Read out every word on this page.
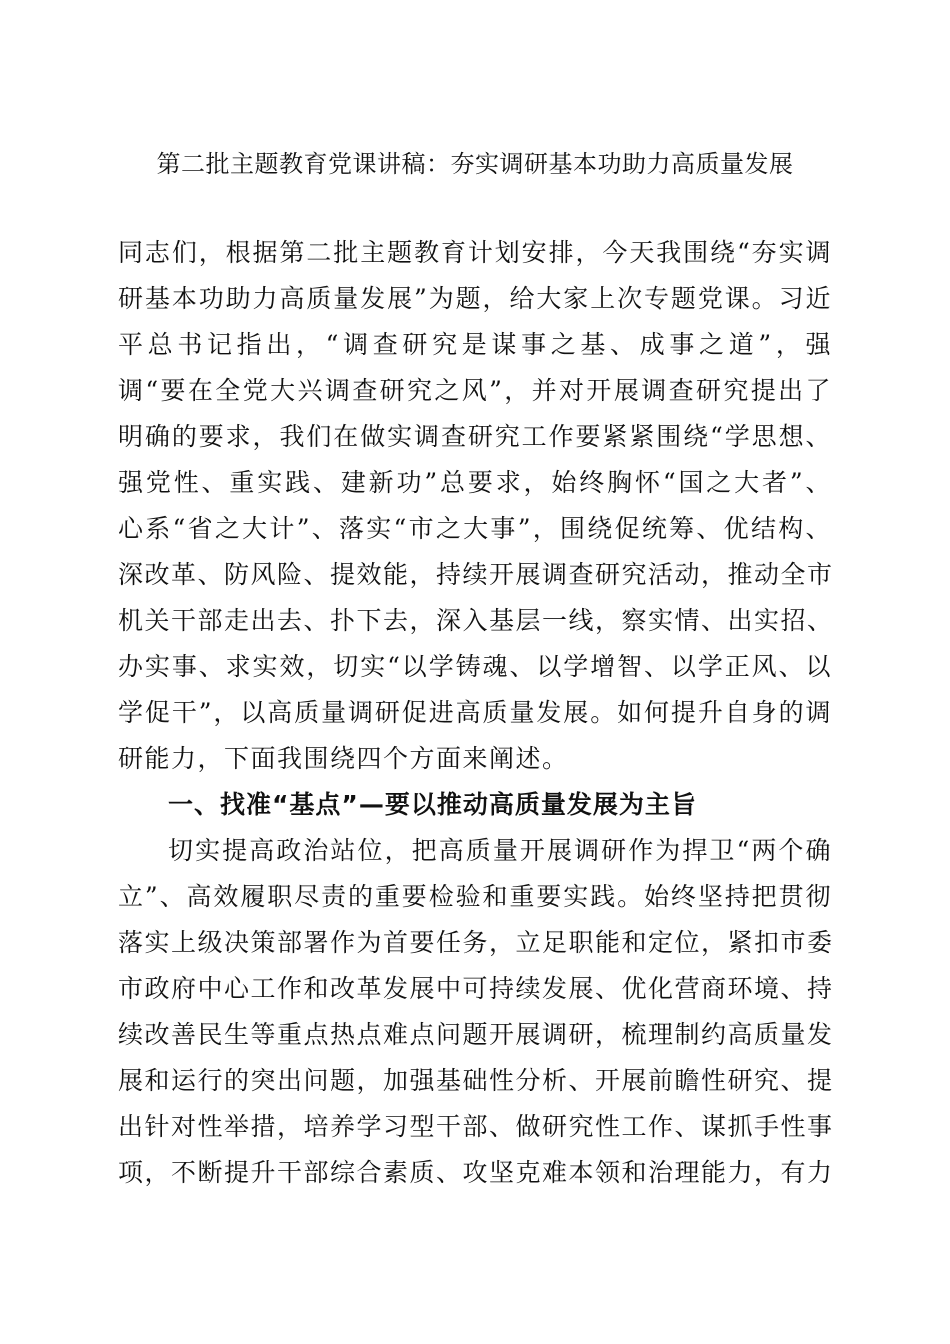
第二批主题教育党课讲稿：夯实调研基本功助力高质量发展
同志们，根据第二批主题教育计划安排，今天我围绕“夯实调
研基本功助力高质量发展”为题，给大家上次专题党课。习近
平总书记指出，“调查研究是谋事之基、成事之道”，强
调“要在全党大兴调查研究之风”，并对开展调查研究提出了
明确的要求，我们在做实调查研究工作要紧紧围绕“学思想、
强党性、重实践、建新功”总要求，始终胸怀“国之大者”、
心系“省之大计”、落实“市之大事”，围绕促统筹、优结构、
深改革、防风险、提效能，持续开展调查研究活动，推动全市
机关干部走出去、扑下去，深入基层一线，察实情、出实招、
办实事、求实效，切实“以学铸魂、以学增智、以学正风、以
学促干”，以高质量调研促进高质量发展。如何提升自身的调
研能力，下面我围绕四个方面来阐述。
一、找准“基点”—要以推动高质量发展为主旨
切实提高政治站位，把高质量开展调研作为捍卫“两个确
立”、高效履职尽责的重要检验和重要实践。始终坚持把贯彻
落实上级决策部署作为首要任务，立足职能和定位，紧扣市委
市政府中心工作和改革发展中可持续发展、优化营商环境、持
续改善民生等重点热点难点问题开展调研，梳理制约高质量发
展和运行的突出问题，加强基础性分析、开展前瞻性研究、提
出针对性举措，培养学习型干部、做研究性工作、谋抓手性事
项，不断提升干部综合素质、攻坚克难本领和治理能力，有力
